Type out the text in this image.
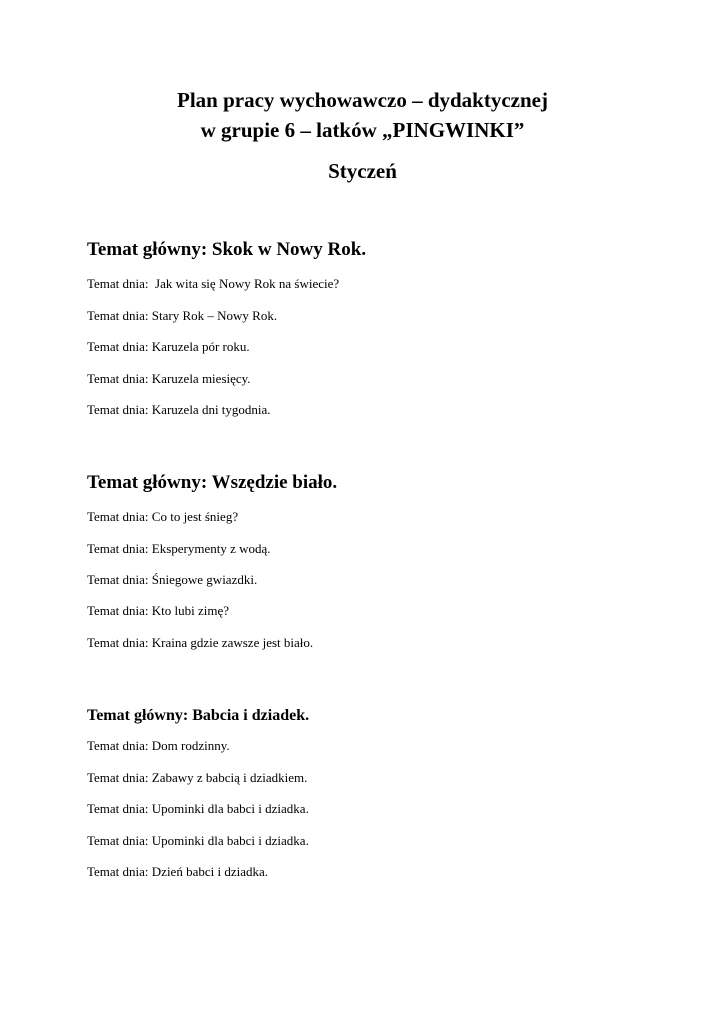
Plan pracy wychowawczo – dydaktycznej
w grupie 6 – latków „PINGWINKI”
Styczeń
Temat główny: Skok w Nowy Rok.

Temat dnia:  Jak wita się Nowy Rok na świecie?

Temat dnia: Stary Rok – Nowy Rok.

Temat dnia: Karuzela pór roku.

Temat dnia: Karuzela miesięcy.

Temat dnia: Karuzela dni tygodnia.

Temat główny: Wszędzie biało.

Temat dnia: Co to jest śnieg?

Temat dnia: Eksperymenty z wodą.

Temat dnia: Śniegowe gwiazdki.

Temat dnia: Kto lubi zimę?

Temat dnia: Kraina gdzie zawsze jest biało.

Temat główny: Babcia i dziadek.

Temat dnia: Dom rodzinny.

Temat dnia: Zabawy z babcią i dziadkiem.

Temat dnia: Upominki dla babci i dziadka.

Temat dnia: Upominki dla babci i dziadka.

Temat dnia: Dzień babci i dziadka.
